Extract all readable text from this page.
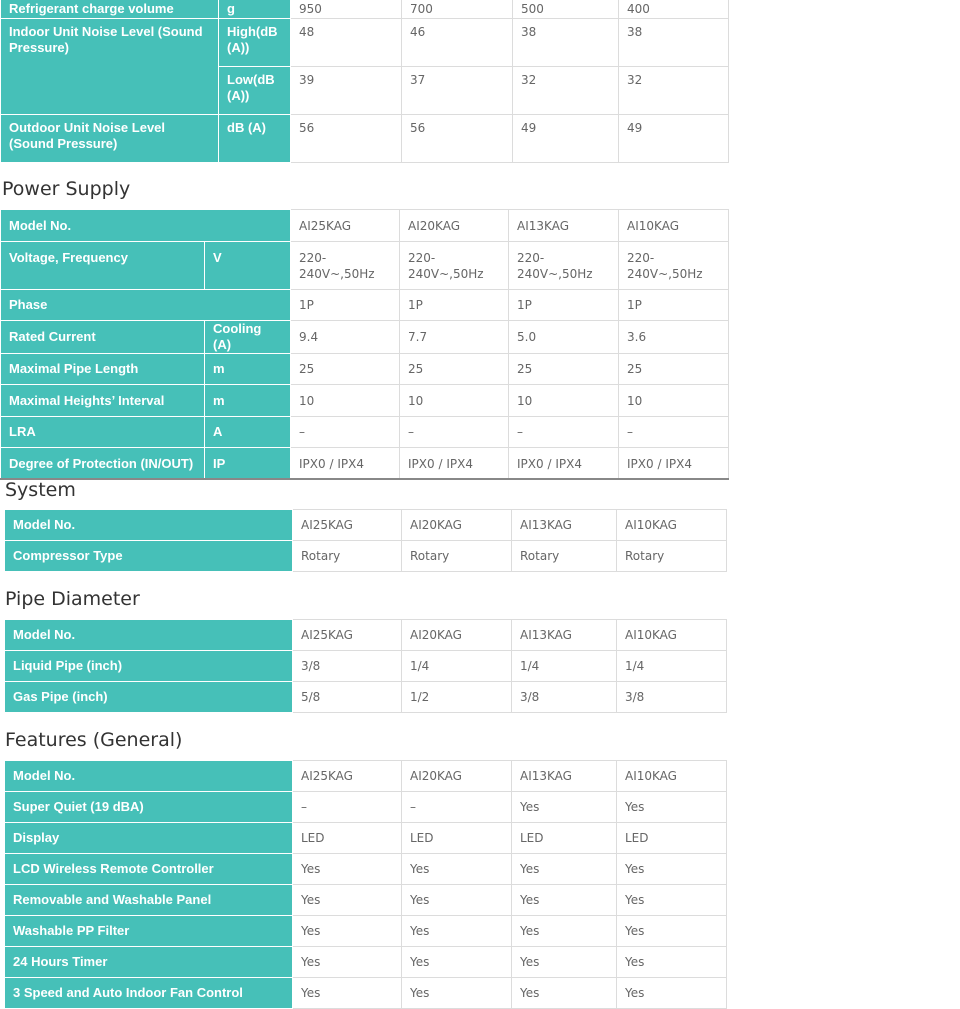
Refrigerant charge volume	g	950	700	500	400
Indoor Unit Noise Level (Sound Pressure)	High(dB (A))	48	46	38	38
	Low(dB (A))	39	37	32	32
Outdoor Unit Noise Level (Sound Pressure)	dB (A)	56	56	49	49
Power Supply
Model No.		AI25KAG	AI20KAG	AI13KAG	AI10KAG
Voltage, Frequency	V	220-240V~,50Hz	220-240V~,50Hz	220-240V~,50Hz	220-240V~,50Hz
Phase		1P	1P	1P	1P
Rated Current	Cooling (A)	9.4	7.7	5.0	3.6
Maximal Pipe Length	m	25	25	25	25
Maximal Heights’ Interval	m	10	10	10	10
LRA	A	–	–	–	–
Degree of Protection (IN/OUT)	IP	IPX0 / IPX4	IPX0 / IPX4	IPX0 / IPX4	IPX0 / IPX4
System
Model No.	AI25KAG	AI20KAG	AI13KAG	AI10KAG
Compressor Type	Rotary	Rotary	Rotary	Rotary
Pipe Diameter
Model No.	AI25KAG	AI20KAG	AI13KAG	AI10KAG
Liquid Pipe (inch)	3/8	1/4	1/4	1/4
Gas Pipe (inch)	5/8	1/2	3/8	3/8
Features (General)
Model No.	AI25KAG	AI20KAG	AI13KAG	AI10KAG
Super Quiet (19 dBA)	–	–	Yes	Yes
Display	LED	LED	LED	LED
LCD Wireless Remote Controller	Yes	Yes	Yes	Yes
Removable and Washable Panel	Yes	Yes	Yes	Yes
Washable PP Filter	Yes	Yes	Yes	Yes
24 Hours Timer	Yes	Yes	Yes	Yes
3 Speed and Auto Indoor Fan Control	Yes	Yes	Yes	Yes
